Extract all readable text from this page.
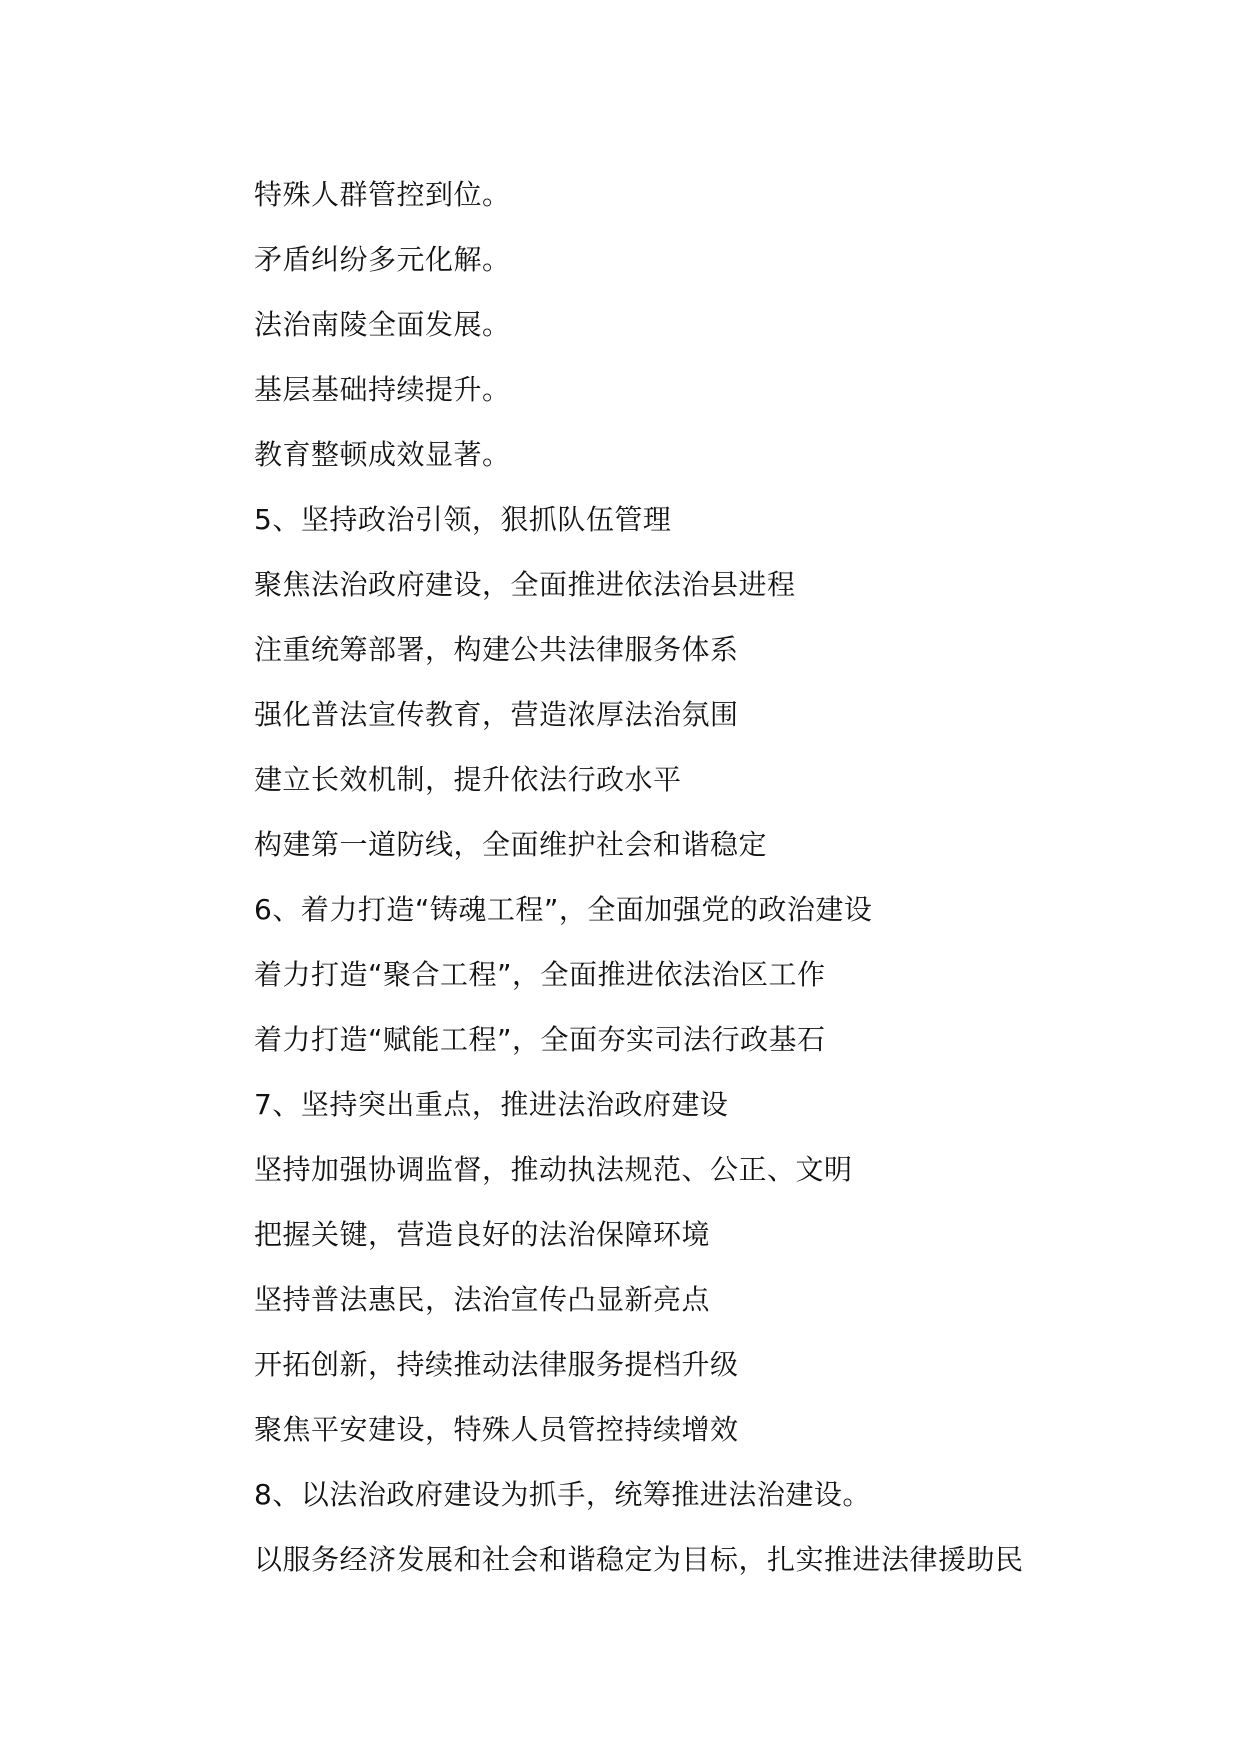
特殊人群管控到位。
矛盾纠纷多元化解。
法治南陵全面发展。
基层基础持续提升。
教育整顿成效显著。
5、坚持政治引领，狠抓队伍管理
聚焦法治政府建设，全面推进依法治县进程
注重统筹部署，构建公共法律服务体系
强化普法宣传教育，营造浓厚法治氛围
建立长效机制，提升依法行政水平
构建第一道防线，全面维护社会和谐稳定
6、着力打造“铸魂工程”，全面加强党的政治建设
着力打造“聚合工程”，全面推进依法治区工作
着力打造“赋能工程”，全面夯实司法行政基石
7、坚持突出重点，推进法治政府建设
坚持加强协调监督，推动执法规范、公正、文明
把握关键，营造良好的法治保障环境
坚持普法惠民，法治宣传凸显新亮点
开拓创新，持续推动法律服务提档升级
聚焦平安建设，特殊人员管控持续增效
8、以法治政府建设为抓手，统筹推进法治建设。
以服务经济发展和社会和谐稳定为目标，扎实推进法律援助民
